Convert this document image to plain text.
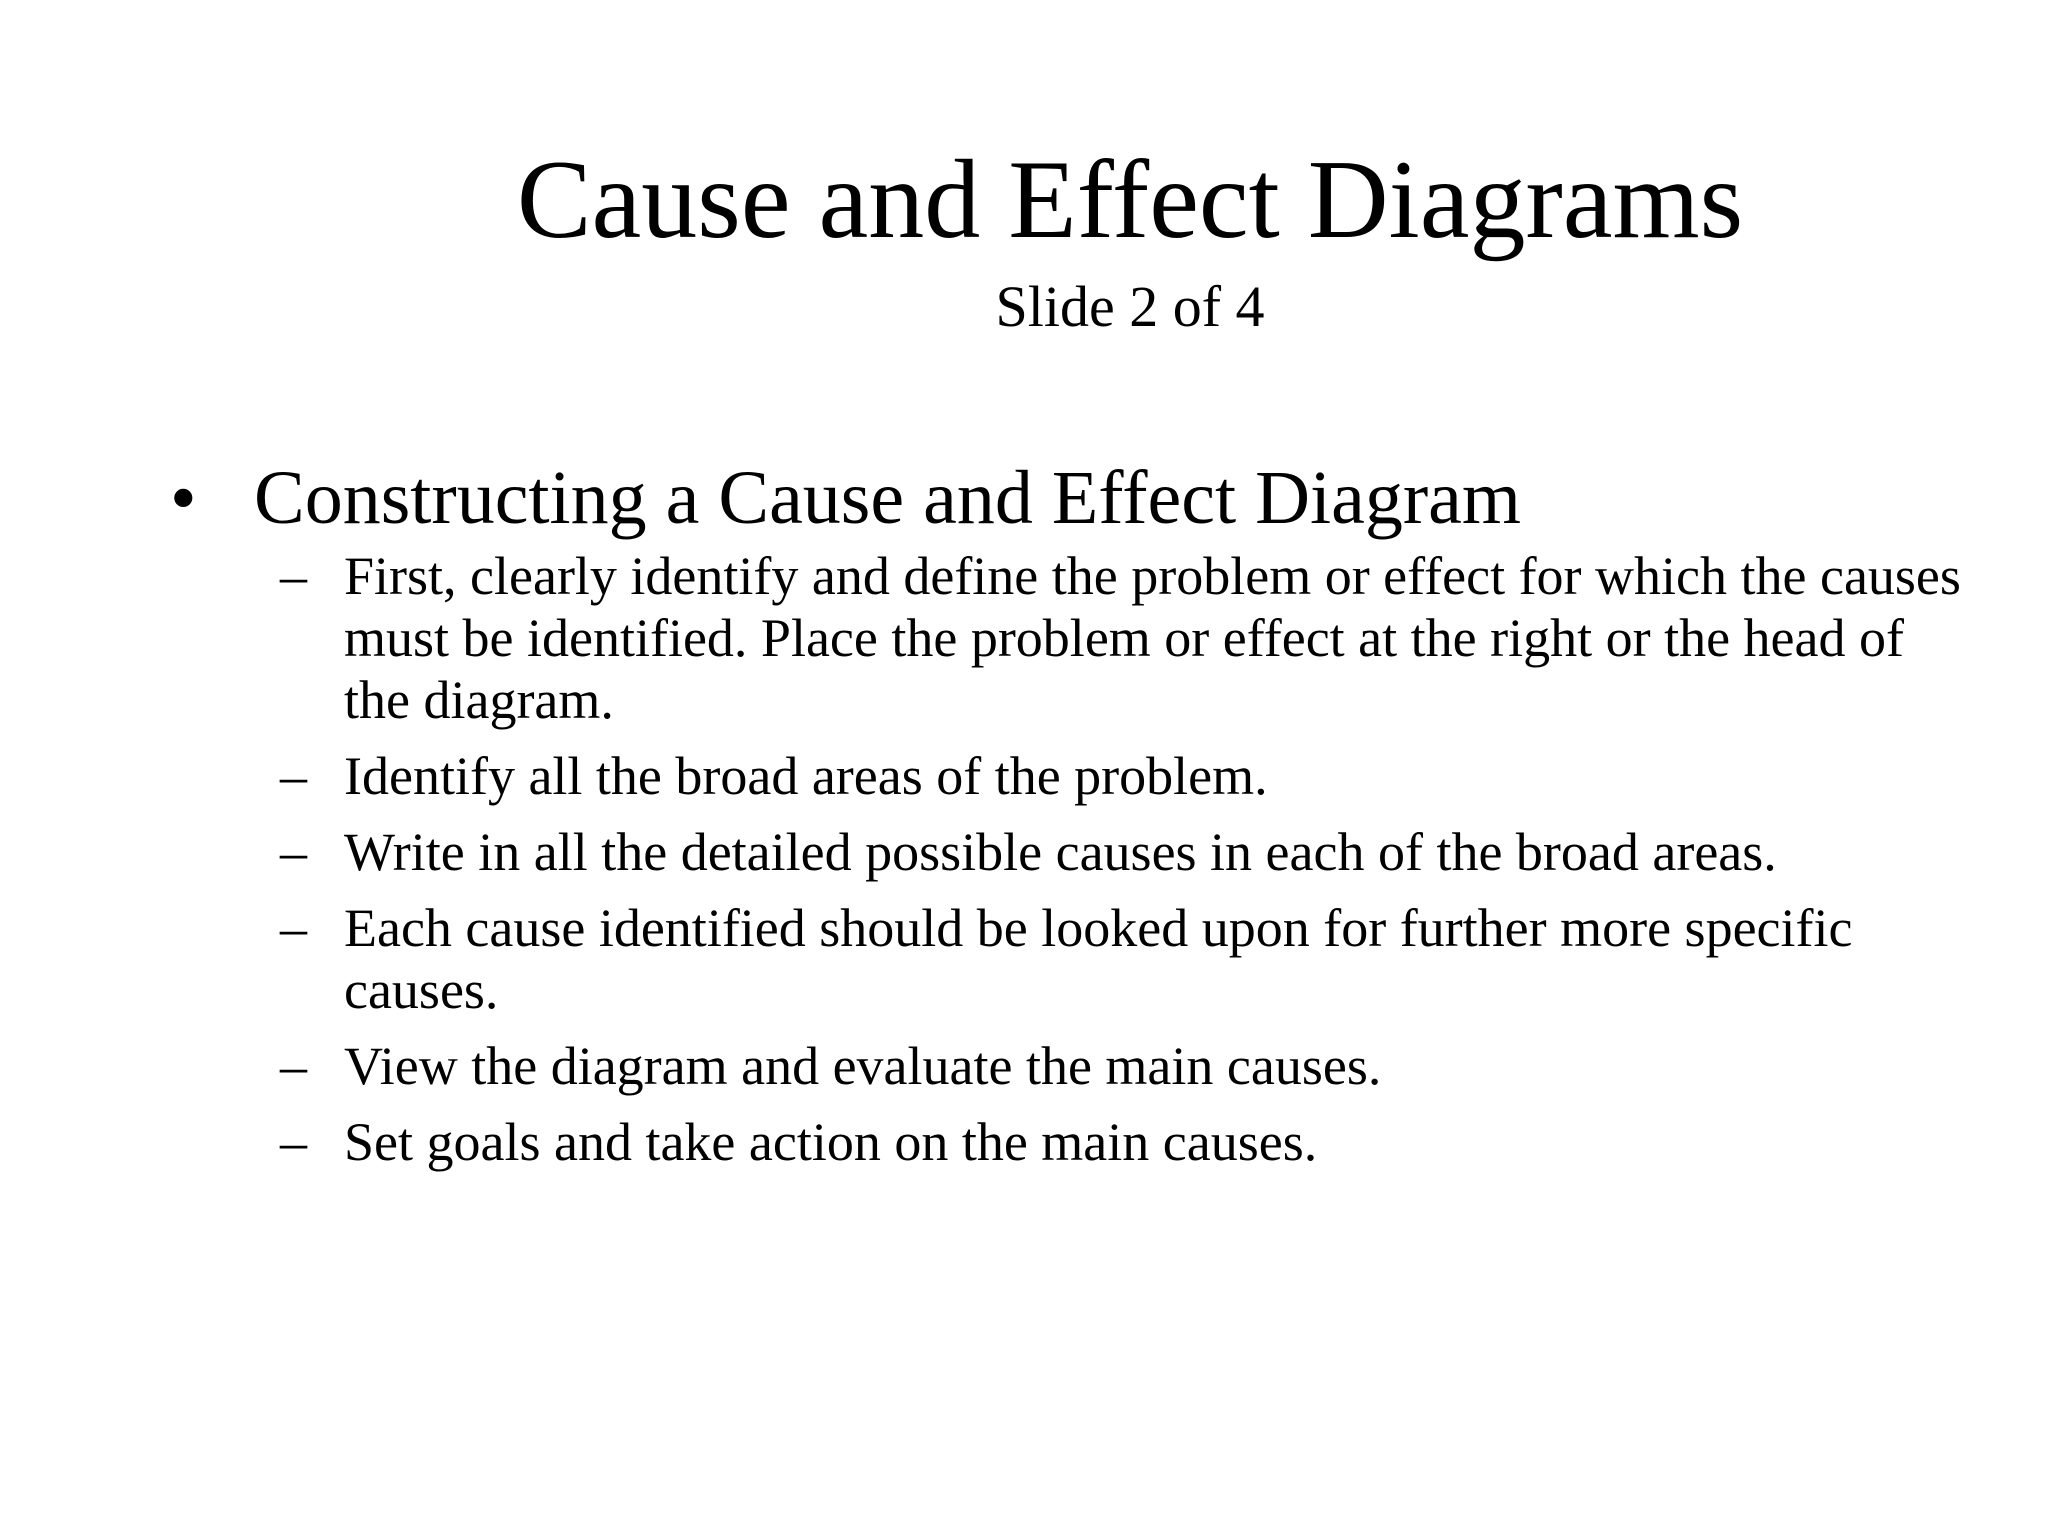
Cause and Effect Diagrams
Slide 2 of 4
• Constructing a Cause and Effect Diagram
– First, clearly identify and define the problem or effect for which the causes must be identified. Place the problem or effect at the right or the head of the diagram.
– Identify all the broad areas of the problem.
– Write in all the detailed possible causes in each of the broad areas.
– Each cause identified should be looked upon for further more specific causes.
– View the diagram and evaluate the main causes.
– Set goals and take action on the main causes.
